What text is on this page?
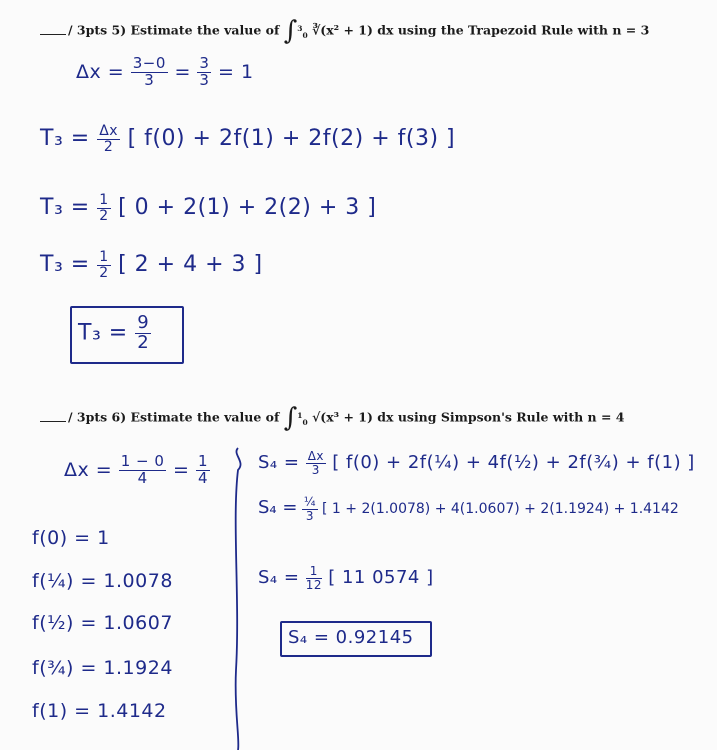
/ 3pts 5) Estimate the value of ∫$^3_0$ ∛(x² + 1) dx using the Trapezoid Rule with n = 3
$\Delta x = \frac{3-0}{3} = \frac{3}{3} = 1$
$T_3 = \frac{\Delta x}{2}$ [ f(0) + 2f(1) + 2f(2) + f(3) ]
$T_3 = \frac{1}{2}$ [ 0 + 2(1) + 2(2) + 3 ]
$T_3 = \frac{1}{2}$ [ 2 + 4 + 3 ]
$T_3 = \frac{9}{2}$
/ 3pts 6) Estimate the value of ∫$^1_0$ √(x³ + 1) dx using Simpson's Rule with n = 4
$\Delta x = \frac{1 - 0}{4} = \frac{1}{4}$
f(0) = 1
f(¼) = 1.0078
f(½) = 1.0607
f(¾) = 1.1924
f(1) = 1.4142
$S_4 = \frac{\Delta x}{3}$ [ f(0) + 2f(¼) + 4f(½) + 2f(¾) + f(1) ]
$S_4 = \frac{\text{¼}}{3}$ [ 1 + 2(1.0078) + 4(1.0607) + 2(1.1924) + 1.4142
$S_4 = \frac{1}{12}$ [ 11 0574 ]
S₄ = 0.92145
